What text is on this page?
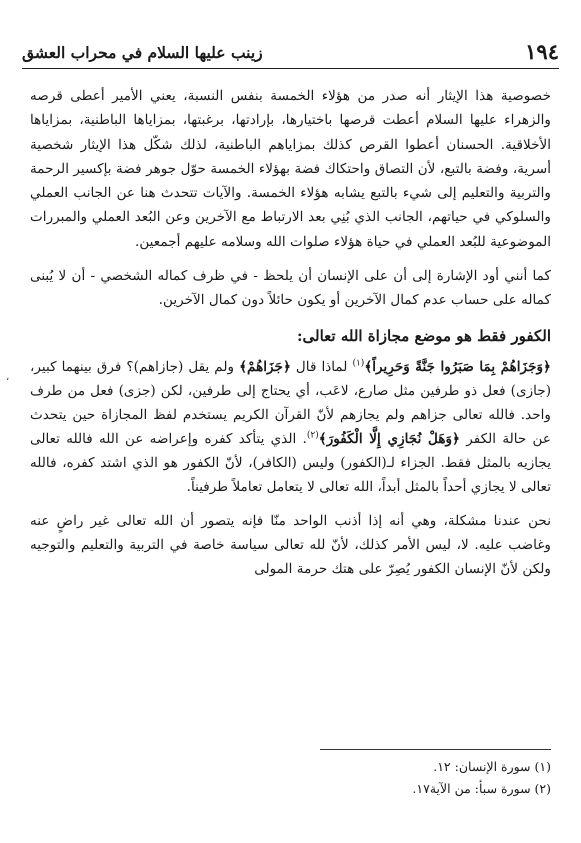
١٩٤
زينب عليها السلام في محراب العشق

خصوصية هذا الإيثار أنه صدر من هؤلاء الخمسة بنفس النسبة، يعني الأمير أعطى قرصه والزهراء عليها السلام أعطت قرصها باختيارها، بإرادتها، برغبتها، بمزاياها الباطنية، بمزاياها الأخلاقية. الحسنان أعطوا القرص كذلك بمزاياهم الباطنية، لذلك شكّل هذا الإيثار شخصية أسرية، وفضة بالتبع، لأن التصاق واحتكاك فضة بهؤلاء الخمسة حوّل جوهر فضة بإكسير الرحمة والتربية والتعليم إلى شيء بالتبع يشابه هؤلاء الخمسة. والآيات تتحدث هنا عن الجانب العملي والسلوكي في حياتهم، الجانب الذي بُنِي بعد الارتباط مع الآخرين وعن البُعد العملي والمبررات الموضوعية للبُعد العملي في حياة هؤلاء صلوات الله وسلامه عليهم أجمعين.

كما أنني أود الإشارة إلى أن على الإنسان أن يلحظ - في ظرف كماله الشخصي - أن لا يُبنى كماله على حساب عدم كمال الآخرين أو يكون حائلاً دون كمال الآخرين.

الكفور فقط هو موضع مجازاة الله تعالى:

﴿وَجَزَاهُمْ بِمَا صَبَرُوا جَنَّةً وَحَرِيراً﴾$^{(١)}$ لماذا قال ﴿جَزَاهُمْ﴾ ولم يقل (جازاهم)؟ فرق بينهما كبير، (جازى) فعل ذو طرفين مثل صارع، لاعَب، أي يحتاج إلى طرفين، لكن (جزى) فعل من طرف واحد. فالله تعالى جزاهم ولم يجازهم لأنّ القرآن الكريم يستخدم لفظ المجازاة حين يتحدث عن حالة الكفر ﴿وَهَلْ نُجَازِي إِلَّا الْكَفُورَ﴾$^{(٢)}$. الذي يتأكد كفره وإعراضه عن الله فالله تعالى يجازيه بالمثل فقط. الجزاء لـ(الكفور) وليس (الكافر)، لأنّ الكفور هو الذي اشتد كفره، فالله تعالى لا يجازي أحداً بالمثل أبداً، الله تعالى لا يتعامل تعاملاً طرفيناً.

نحن عندنا مشكلة، وهي أنه إذا أذنب الواحد منّا فإنه يتصور أن الله تعالى غير راضٍ عنه وغاضب عليه. لا، ليس الأمر كذلك، لأنّ لله تعالى سياسة خاصة في التربية والتعليم والتوجيه ولكن لأنّ الإنسان الكفور يُصِرّ على هتك حرمة المولى

،
(١) سورة الإنسان: ١٢.
(٢) سورة سبأ: من الآية١٧.
